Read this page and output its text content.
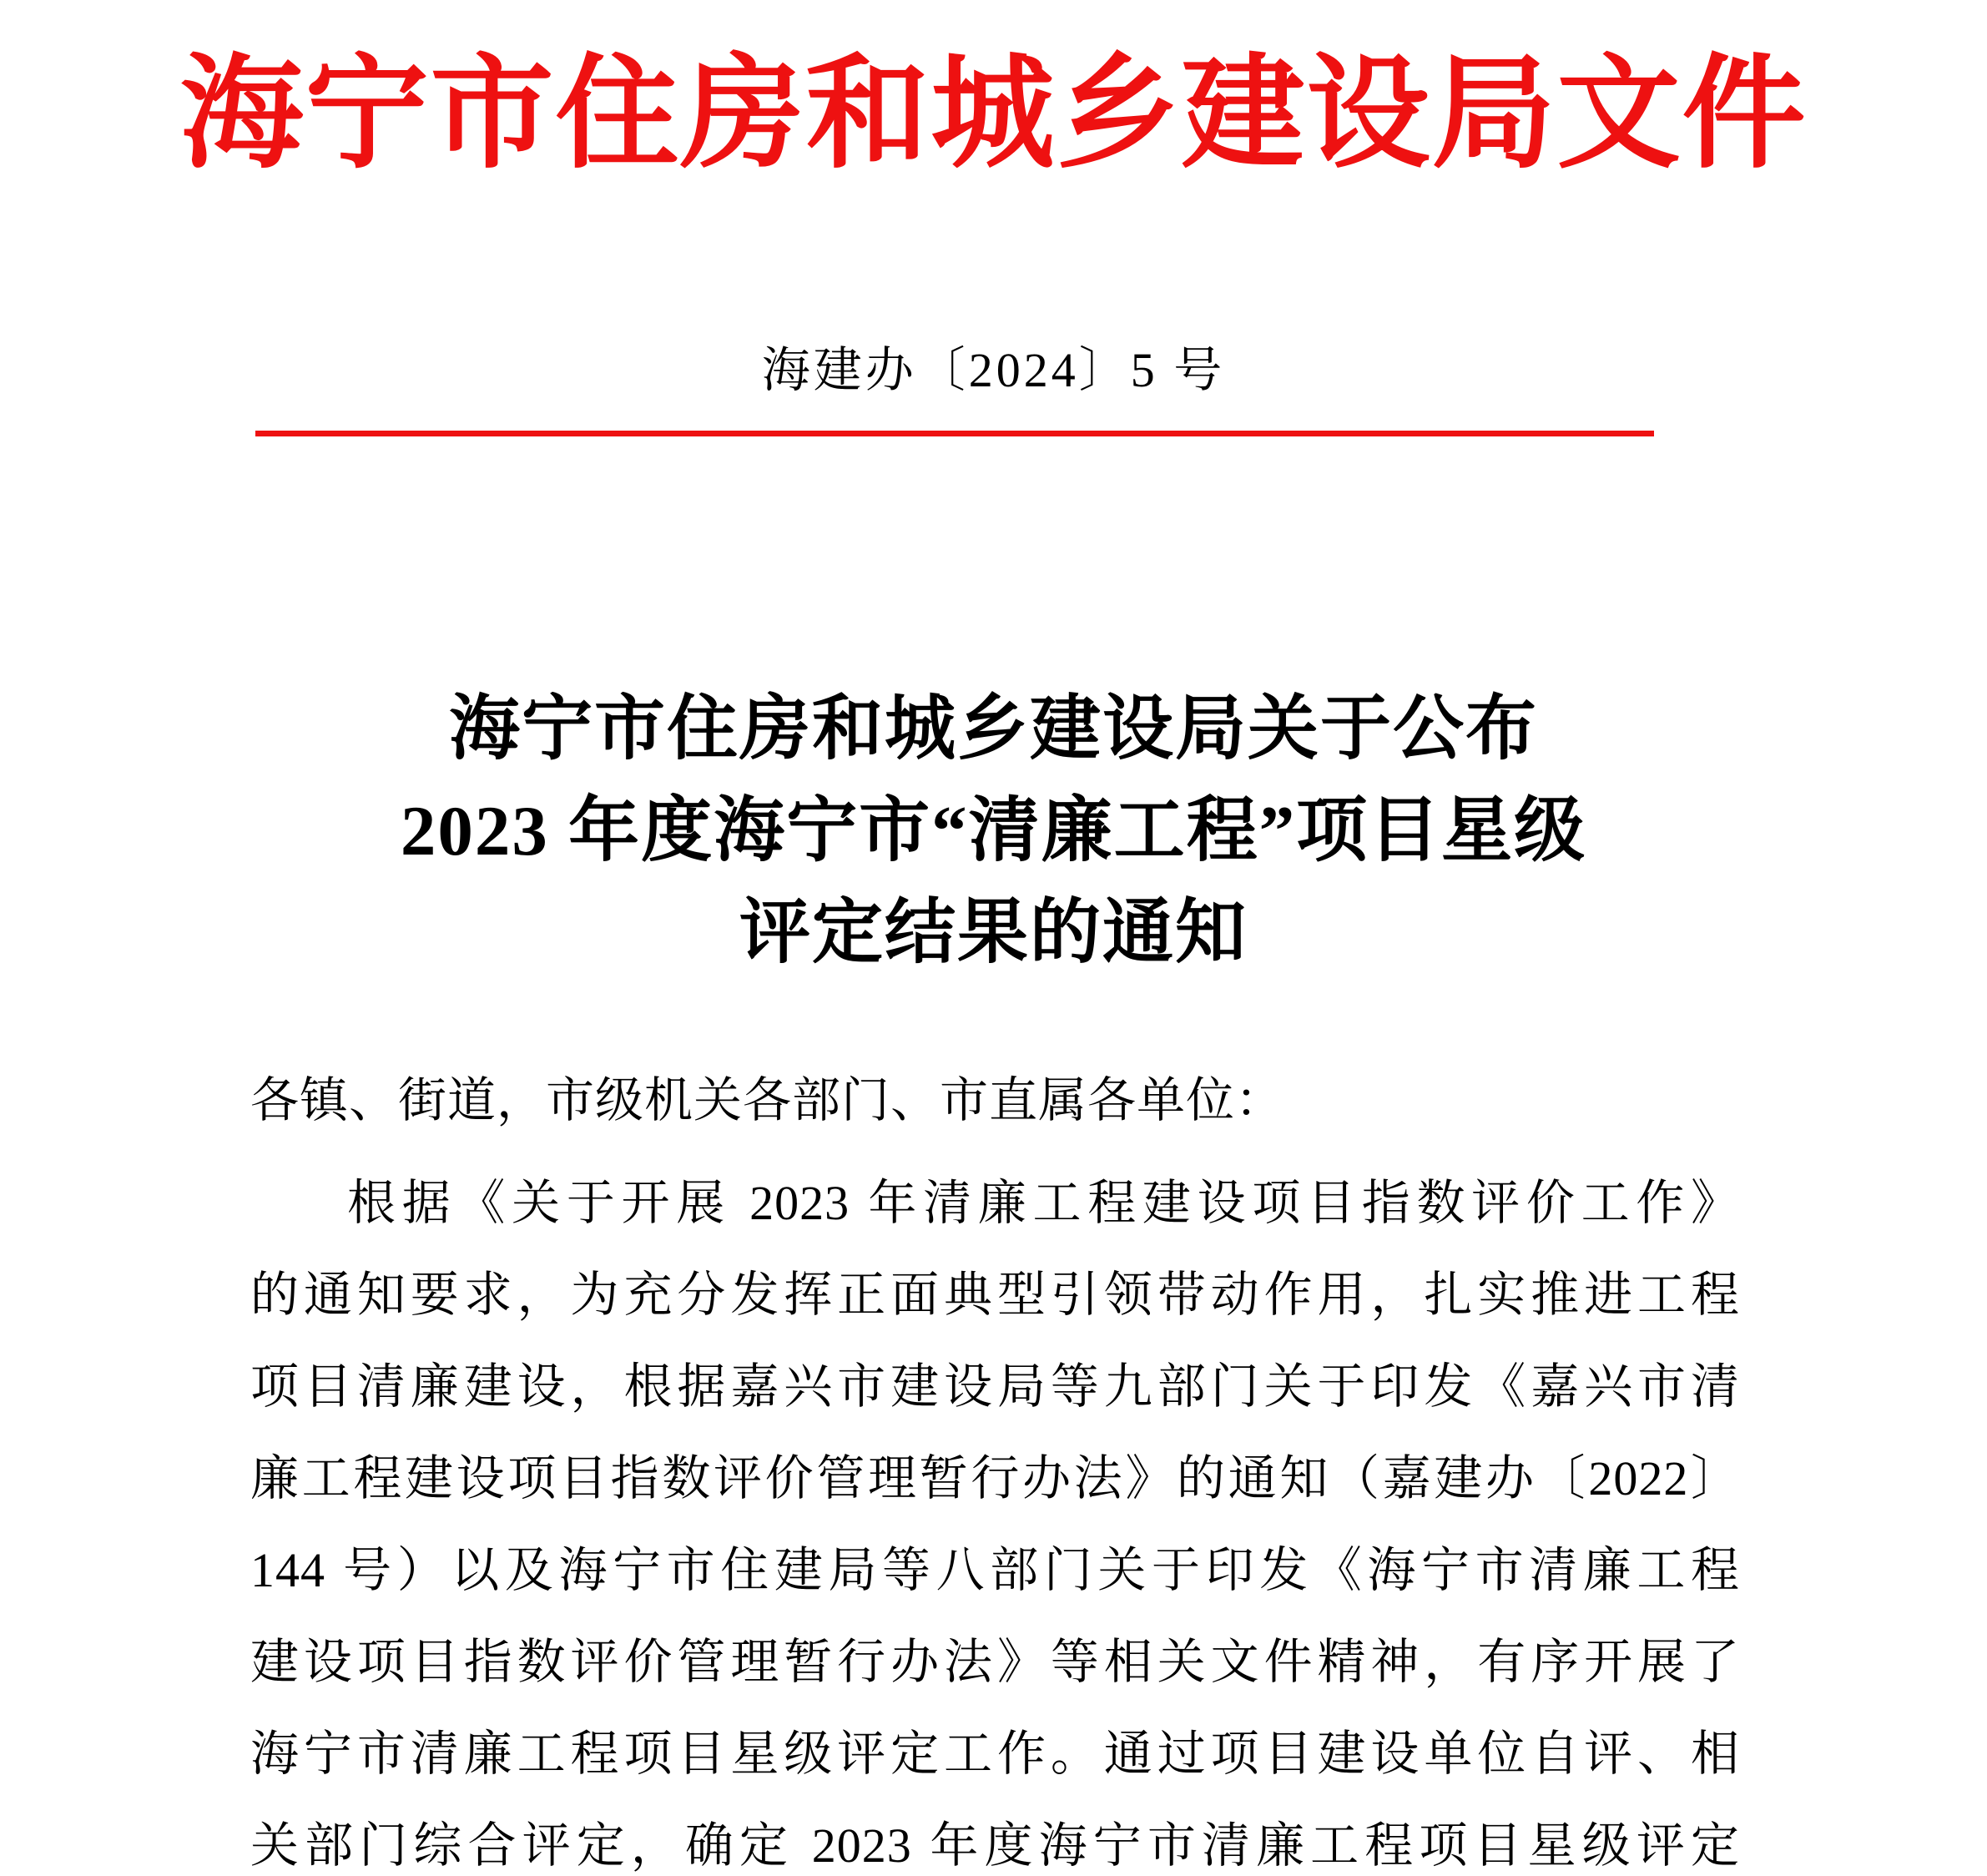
海宁市住房和城乡建设局文件
海建办〔2024〕5 号
海宁市住房和城乡建设局关于公布
2023 年度海宁市“清廉工程”项目星级
评定结果的通知
各镇、街道，市级机关各部门、市直属各单位：
根据《关于开展 2023 年清廉工程建设项目指数评价工作》
的通知要求，为充分发挥正面典型引领带动作用，扎实推进工程
项目清廉建设，根据嘉兴市建设局等九部门关于印发《嘉兴市清
廉工程建设项目指数评价管理暂行办法》的通知（嘉建办〔2022〕
144 号）以及海宁市住建局等八部门关于印发《海宁市清廉工程
建设项目指数评价管理暂行办法》等相关文件精神，有序开展了
海宁市清廉工程项目星级评定工作。通过项目建设单位自评、相
关部门综合评定，确定 2023 年度海宁市清廉工程项目星级评定
